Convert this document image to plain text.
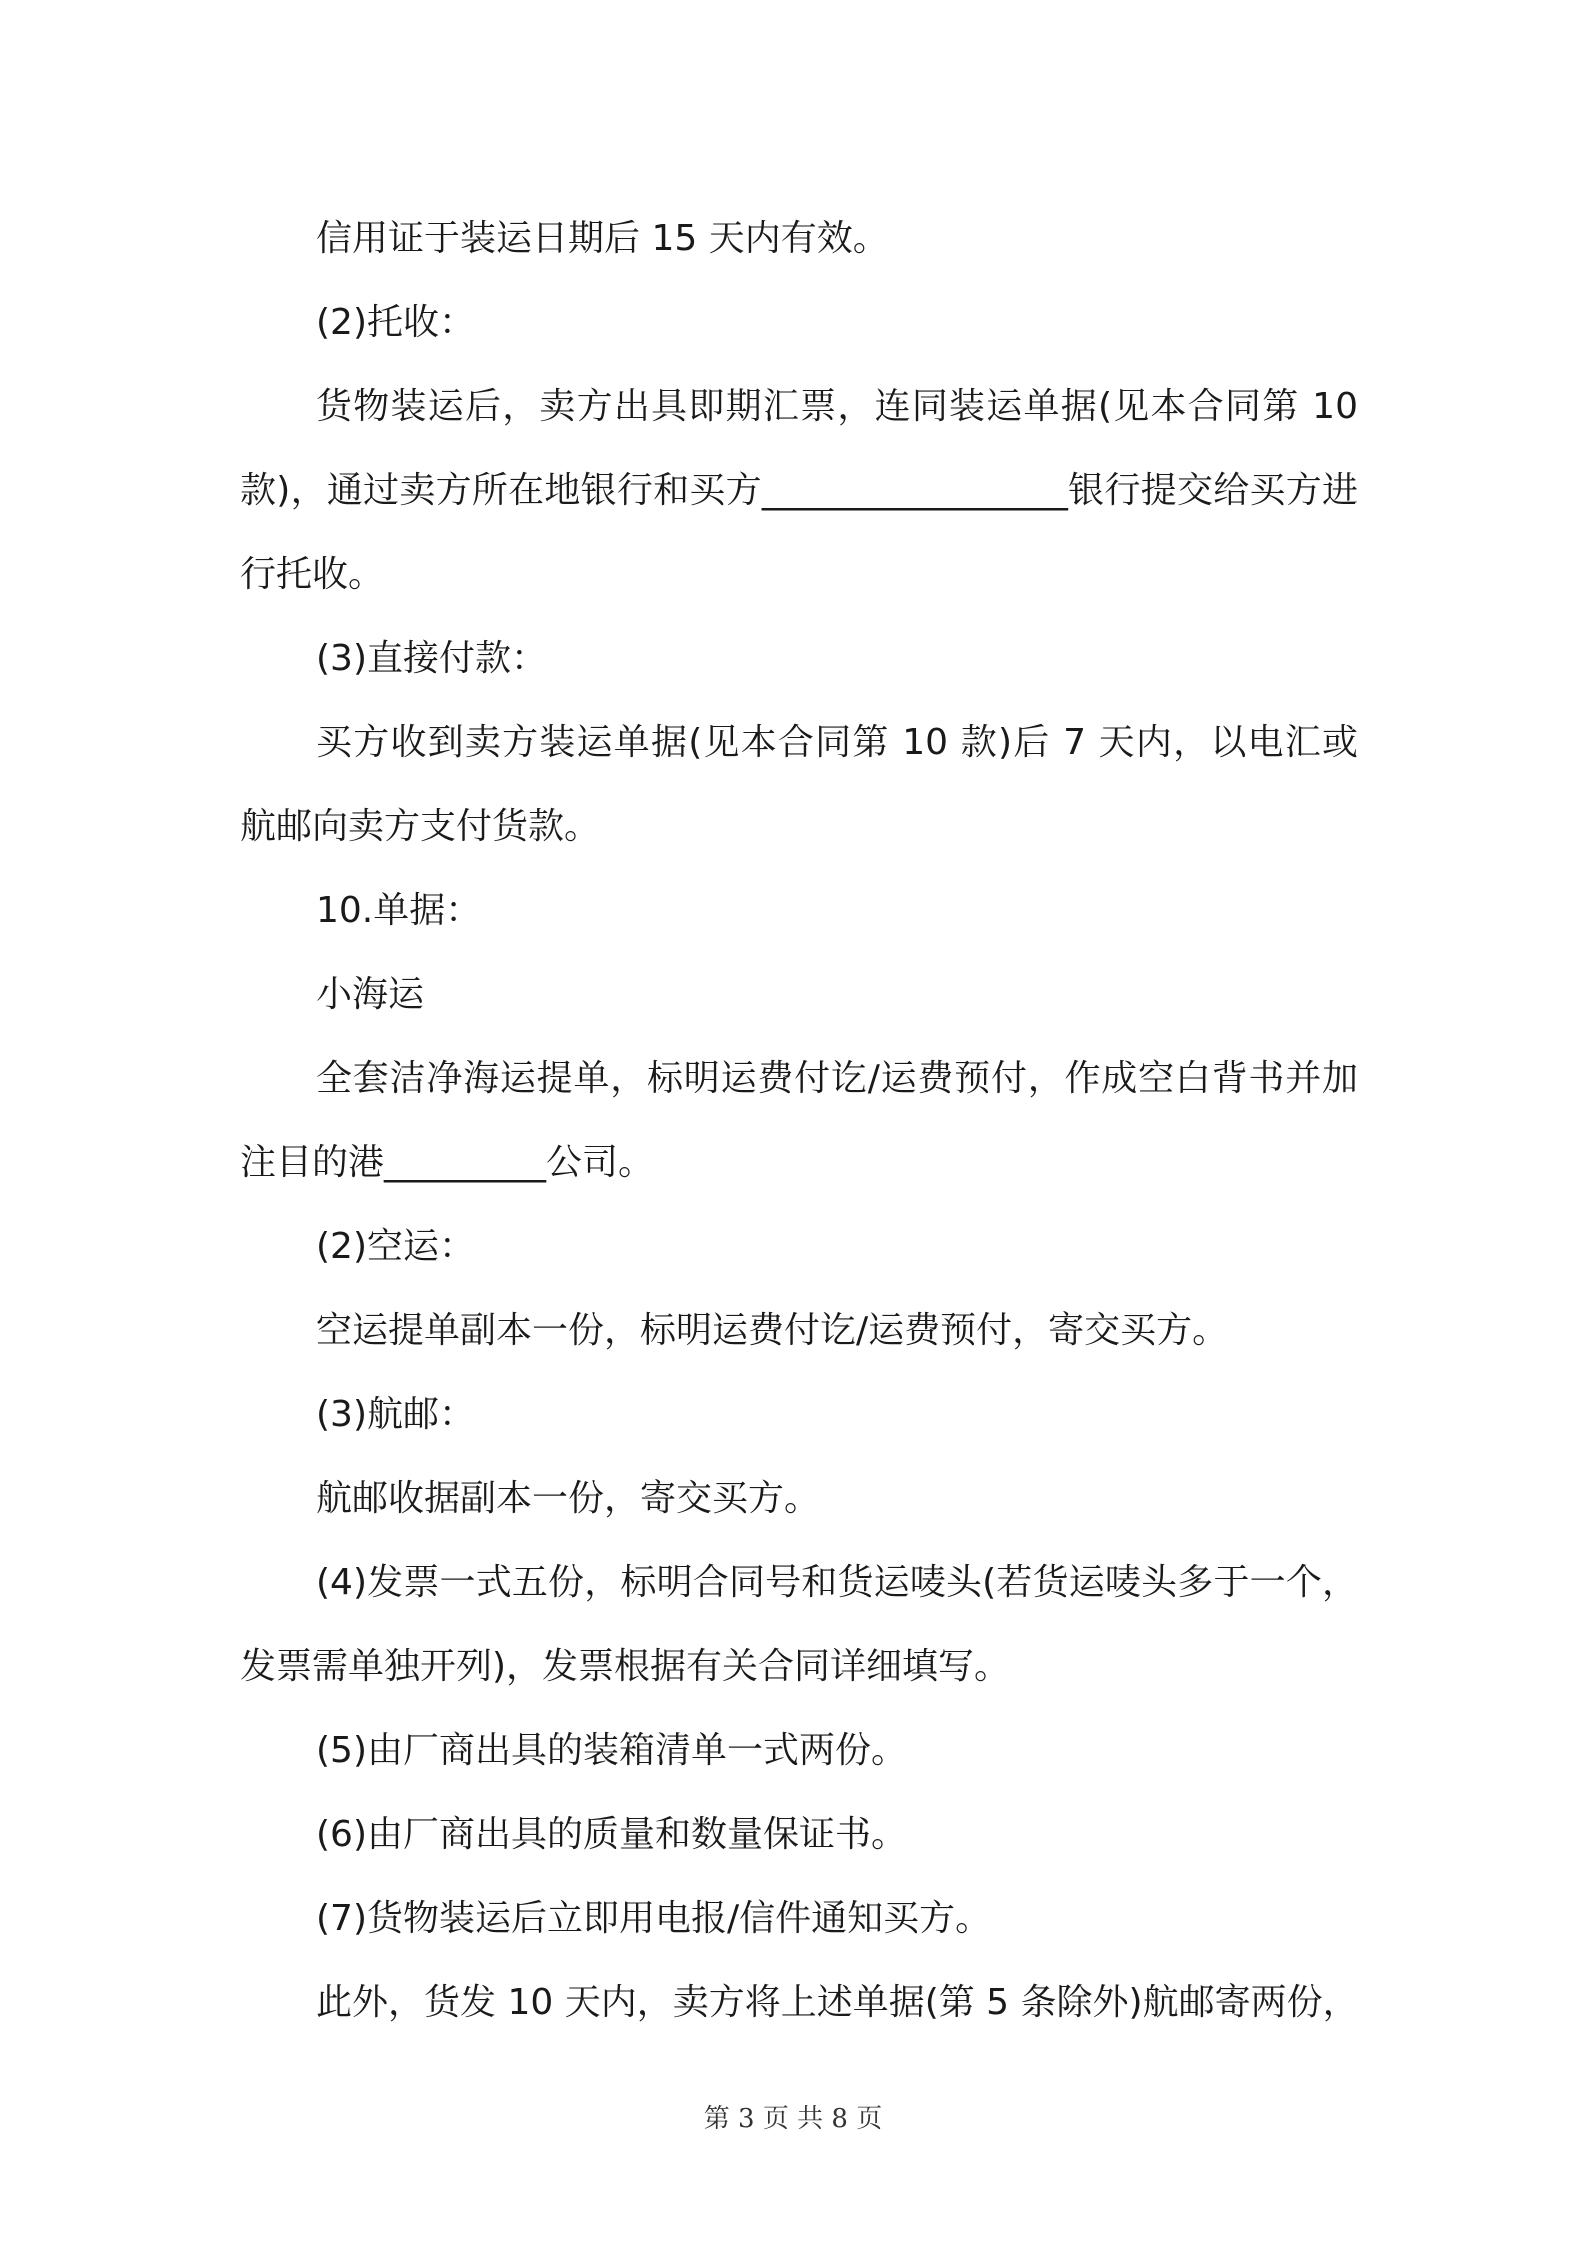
信用证于装运日期后 15 天内有效。

(2)托收：

货物装运后，卖方出具即期汇票，连同装运单据(见本合同第 10 款)，通过卖方所在地银行和买方_________________银行提交给买方进行托收。

(3)直接付款：

买方收到卖方装运单据(见本合同第 10 款)后 7 天内，以电汇或航邮向卖方支付货款。

10.单据：

小海运

全套洁净海运提单，标明运费付讫/运费预付，作成空白背书并加注目的港_________公司。

(2)空运：

空运提单副本一份，标明运费付讫/运费预付，寄交买方。

(3)航邮：

航邮收据副本一份，寄交买方。

(4)发票一式五份，标明合同号和货运唛头(若货运唛头多于一个，发票需单独开列)，发票根据有关合同详细填写。

(5)由厂商出具的装箱清单一式两份。

(6)由厂商出具的质量和数量保证书。

(7)货物装运后立即用电报/信件通知买方。

此外，货发 10 天内，卖方将上述单据(第 5 条除外)航邮寄两份，

第 3 页 共 8 页
